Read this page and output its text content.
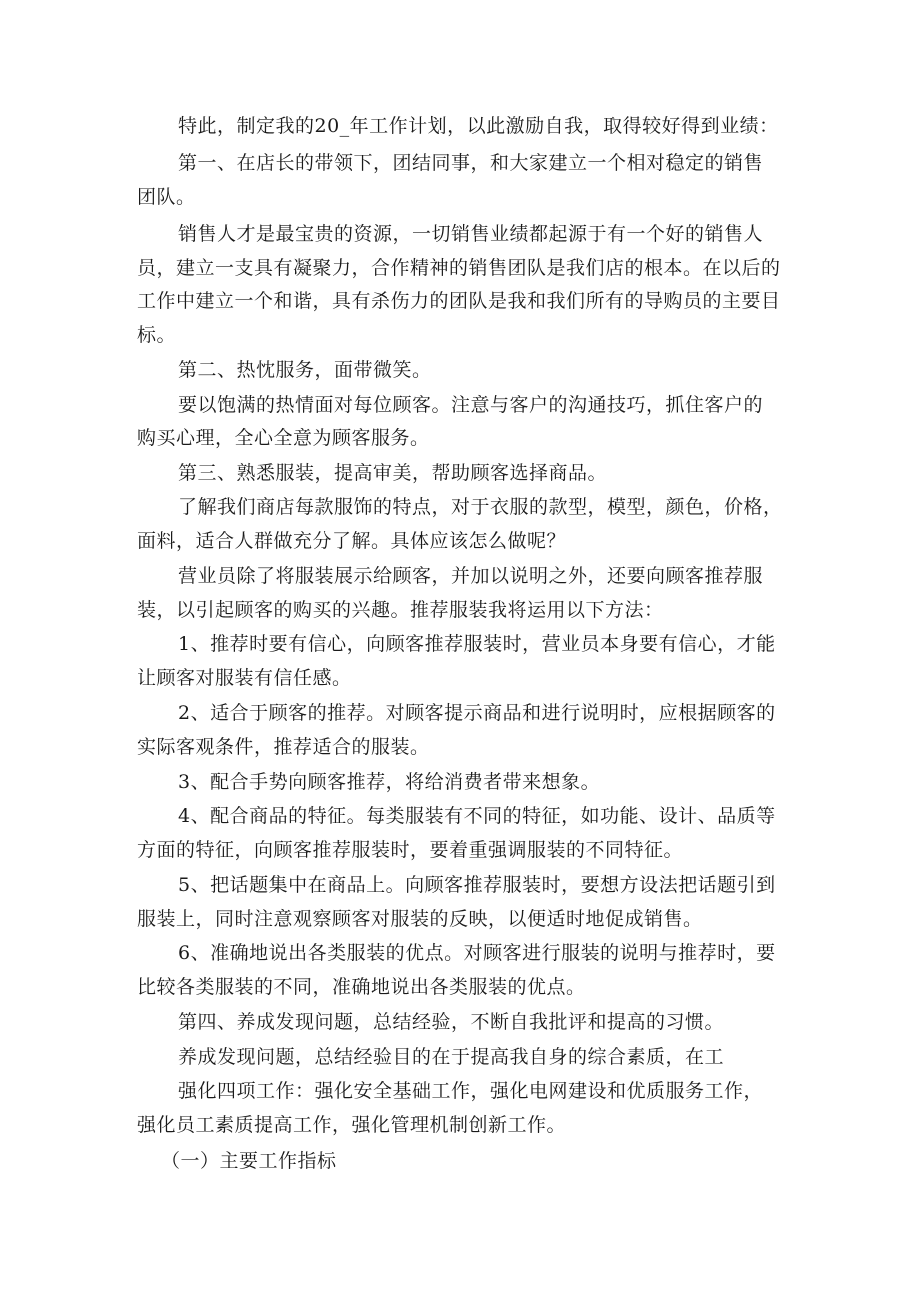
特此，制定我的20_年工作计划，以此激励自我，取得较好得到业绩：
第一、在店长的带领下，团结同事，和大家建立一个相对稳定的销售
团队。
销售人才是最宝贵的资源，一切销售业绩都起源于有一个好的销售人
员，建立一支具有凝聚力，合作精神的销售团队是我们店的根本。在以后的
工作中建立一个和谐，具有杀伤力的团队是我和我们所有的导购员的主要目
标。
第二、热忱服务，面带微笑。
要以饱满的热情面对每位顾客。注意与客户的沟通技巧，抓住客户的
购买心理，全心全意为顾客服务。
第三、熟悉服装，提高审美，帮助顾客选择商品。
了解我们商店每款服饰的特点，对于衣服的款型，模型，颜色，价格，
面料，适合人群做充分了解。具体应该怎么做呢？
营业员除了将服装展示给顾客，并加以说明之外，还要向顾客推荐服
装，以引起顾客的购买的兴趣。推荐服装我将运用以下方法：
1、推荐时要有信心，向顾客推荐服装时，营业员本身要有信心，才能
让顾客对服装有信任感。
2、适合于顾客的推荐。对顾客提示商品和进行说明时，应根据顾客的
实际客观条件，推荐适合的服装。
3、配合手势向顾客推荐，将给消费者带来想象。
4、配合商品的特征。每类服装有不同的特征，如功能、设计、品质等
方面的特征，向顾客推荐服装时，要着重强调服装的不同特征。
5、把话题集中在商品上。向顾客推荐服装时，要想方设法把话题引到
服装上，同时注意观察顾客对服装的反映，以便适时地促成销售。
6、准确地说出各类服装的优点。对顾客进行服装的说明与推荐时，要
比较各类服装的不同，准确地说出各类服装的优点。
第四、养成发现问题，总结经验，不断自我批评和提高的习惯。
养成发现问题，总结经验目的在于提高我自身的综合素质，在工
强化四项工作：强化安全基础工作，强化电网建设和优质服务工作，
强化员工素质提高工作，强化管理机制创新工作。
（一）主要工作指标
